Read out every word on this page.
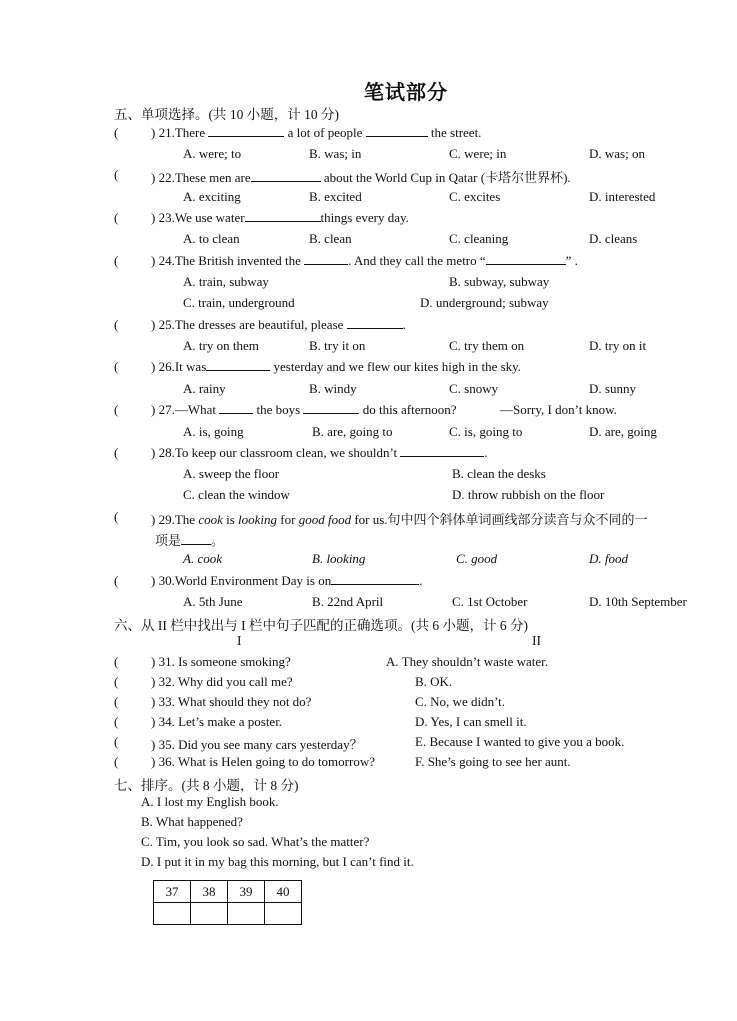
笔试部分
五、单项选择。(共 10 小题，计 10 分)
(	) 21.There	a lot of people	the street.
A. were; to	B. was; in	C. were; in	D. was; on
(	) 22.These men are	about the World Cup in Qatar (卡塔尔世界杯).
A. exciting	B. excited	C. excites	D. interested
(	) 23.We use water	things every day.
A. to clean	B. clean	C. cleaning	D. cleans
(	) 24.The British invented the	. And they call the metro “	” .
A. train, subway	B. subway, subway
C. train, underground	D. underground; subway
(	) 25.The dresses are beautiful, please	.
A. try on them	B. try it on	C. try them on	D. try on it
(	) 26.It was	yesterday and we flew our kites high in the sky.
A. rainy	B. windy	C. snowy	D. sunny
(	) 27.—What	the boys	do this afternoon?	—Sorry, I don’t know.
A. is, going	B. are, going to	C. is, going to	D. are, going
(	) 28.To keep our classroom clean, we shouldn’t	.
A. sweep the floor	B. clean the desks
C. clean the window	D. throw rubbish on the floor
(	) 29.The cook is looking for good food for us.句中四个斜体单词画线部分读音与众不同的一
项是 。
A. cook	B. looking	C. good	D. food
(	) 30.World Environment Day is on	.
A. 5th June	B. 22nd April	C. 1st October	D. 10th September
六、从 II 栏中找出与 I 栏中句子匹配的正确选项。(共 6 小题，计 6 分)
I	II
(	) 31. Is someone smoking?	A. They shouldn’t waste water.
(	) 32. Why did you call me?	B. OK.
(	) 33. What should they not do?	C. No, we didn’t.
(	) 34. Let’s make a poster.	D. Yes, I can smell it.
(	) 35. Did you see many cars yesterday？	E. Because I wanted to give you a book.
(	) 36. What is Helen going to do tomorrow?	F. She’s going to see her aunt.
七、排序。(共 8 小题，计 8 分)
A. I lost my English book.
B. What happened?
C. Tim, you look so sad. What’s the matter?
D. I put it in my bag this morning, but I can’t find it.
37	38	39	40
